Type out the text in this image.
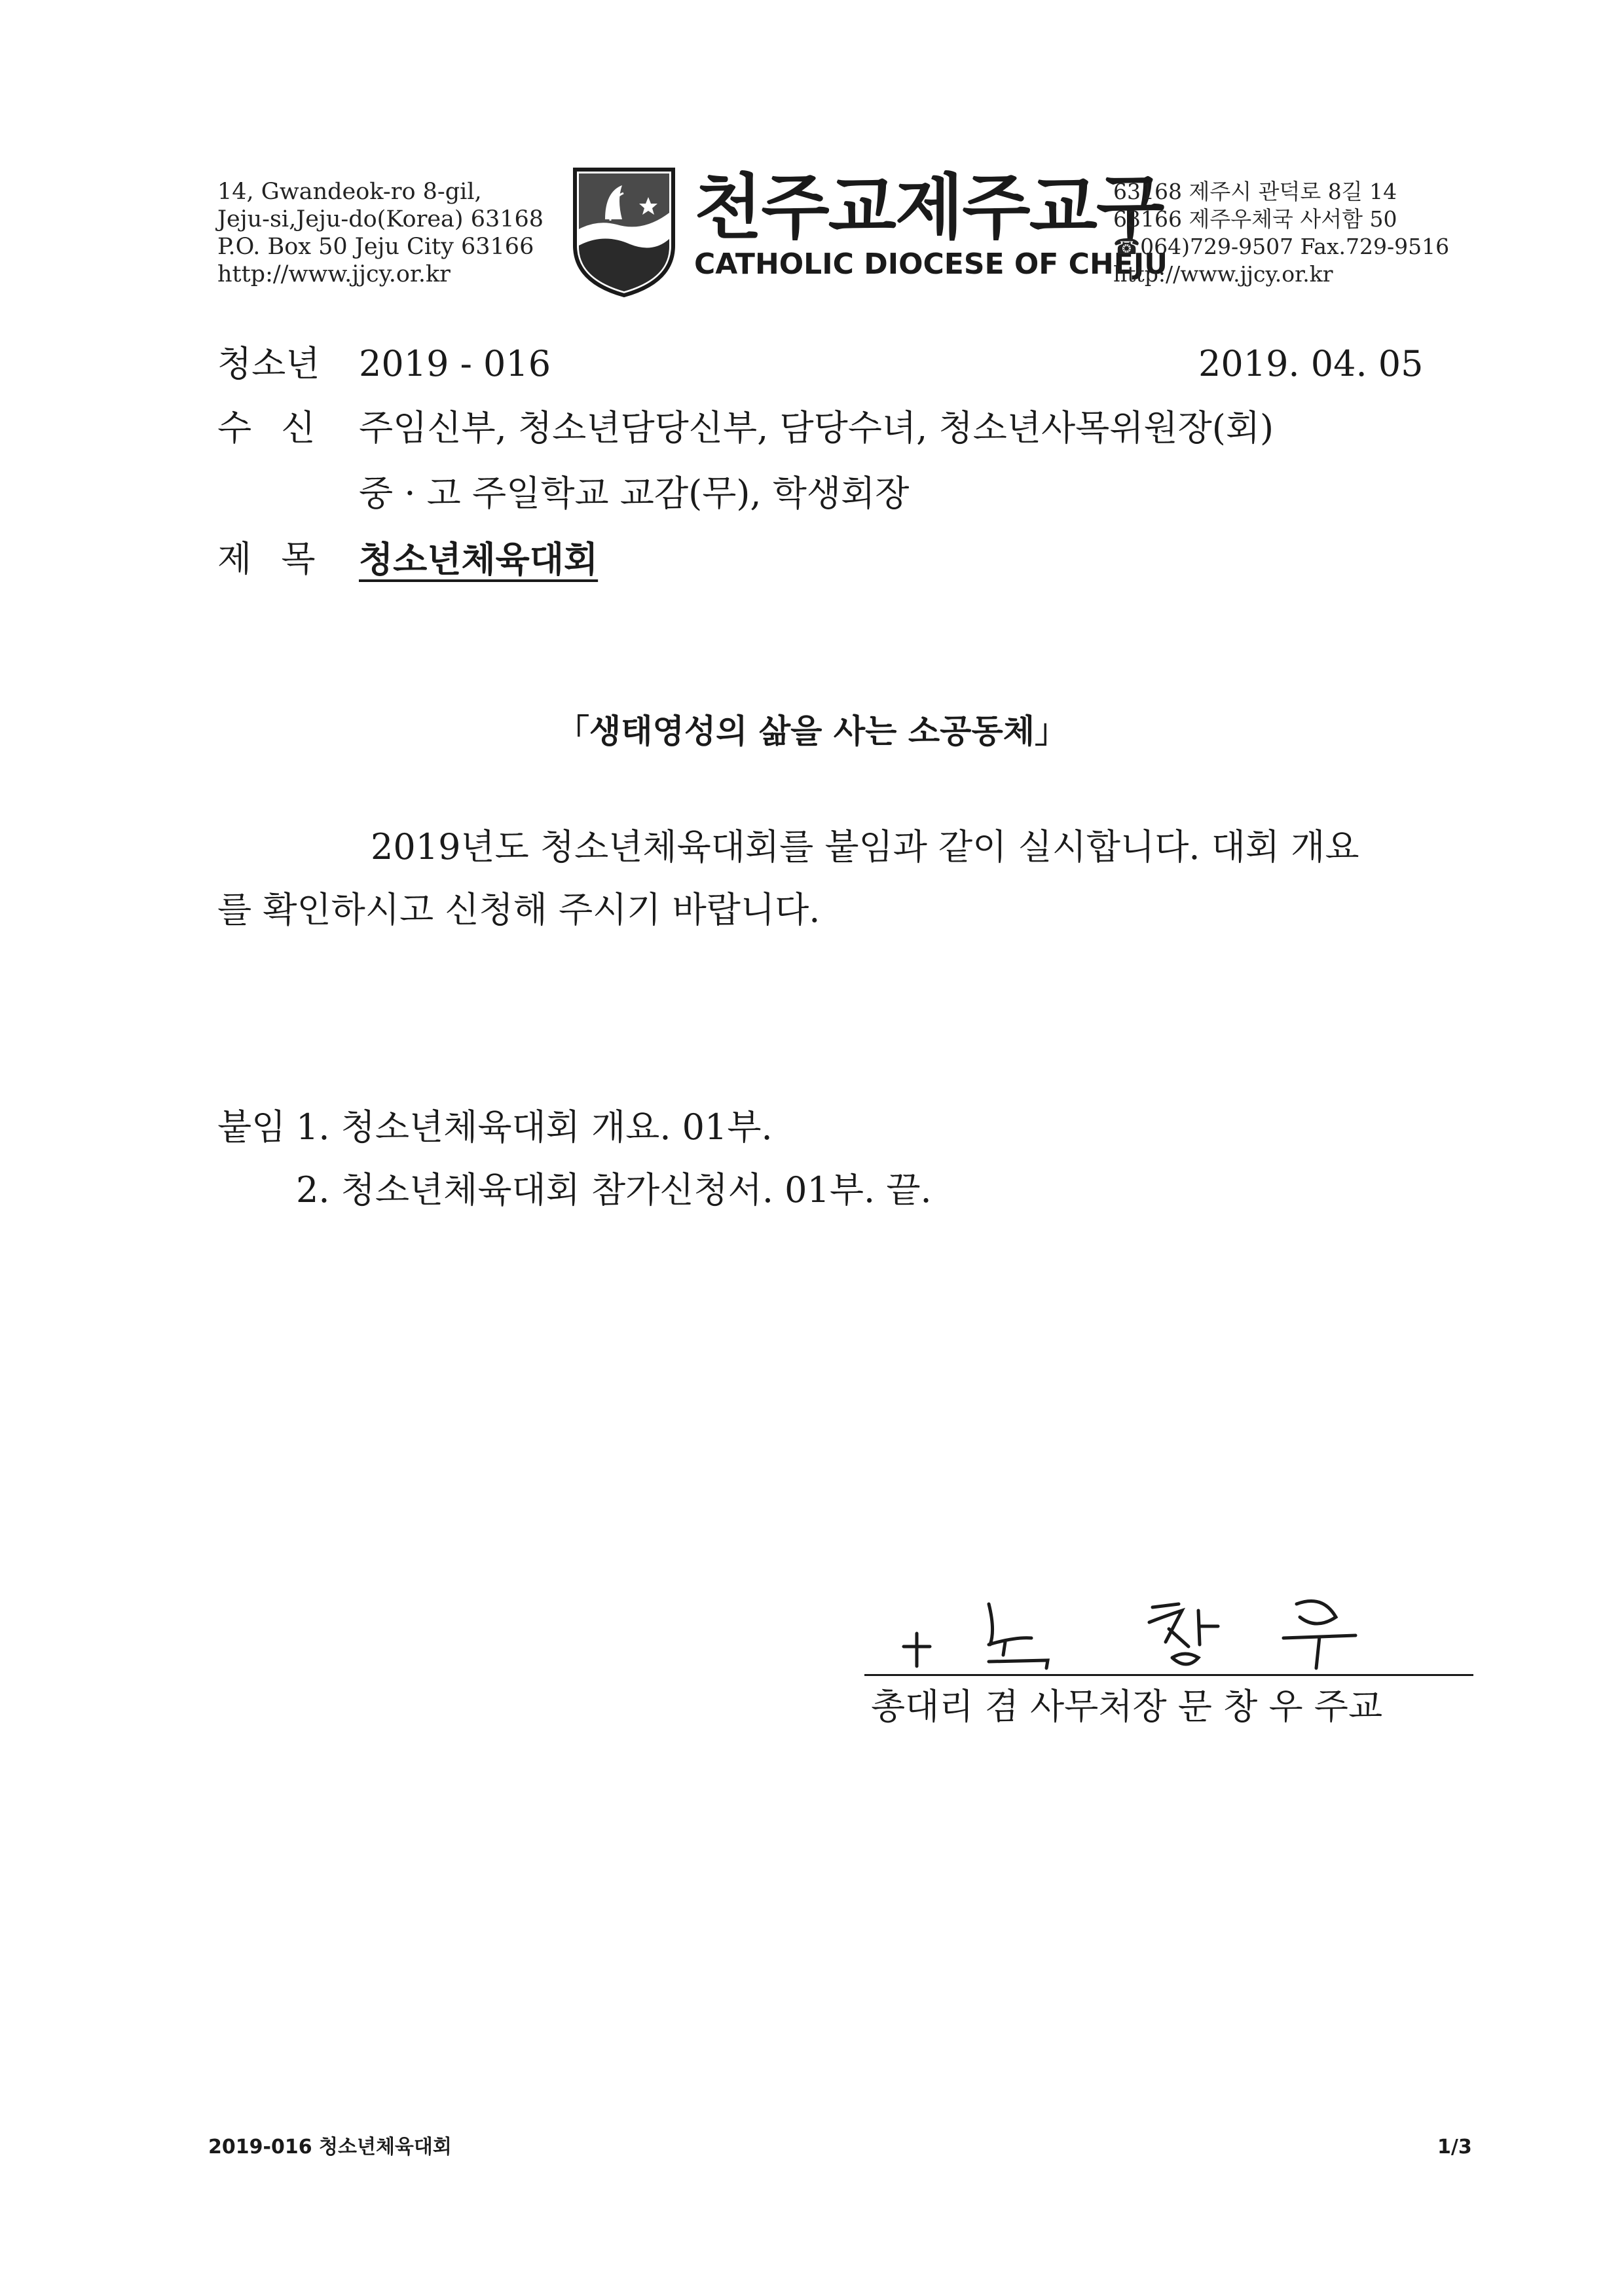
14, Gwandeok-ro 8-gil,
Jeju-si,Jeju-do(Korea) 63168
P.O. Box 50 Jeju City 63166
http://www.jjcy.or.kr
천주교제주교구
CATHOLIC DIOCESE OF CHEJU
63168 제주시 관덕로 8길 14
63166 제주우체국 사서함 50
☎064)729-9507 Fax.729-9516
http://www.jjcy.or.kr
청소년 2019 - 016	2019. 04. 05
수 신 주임신부, 청소년담당신부, 담당수녀, 청소년사목위원장(회)
중 · 고 주일학교 교감(무), 학생회장
제 목 청소년체육대회
「생태영성의 삶을 사는 소공동체」
2019년도 청소년체육대회를 붙임과 같이 실시합니다. 대회 개요
를 확인하시고 신청해 주시기 바랍니다.
붙임 1. 청소년체육대회 개요. 01부.
2. 청소년체육대회 참가신청서. 01부. 끝.
총대리 겸 사무처장 문 창 우 주교
2019-016 청소년체육대회	1/3
